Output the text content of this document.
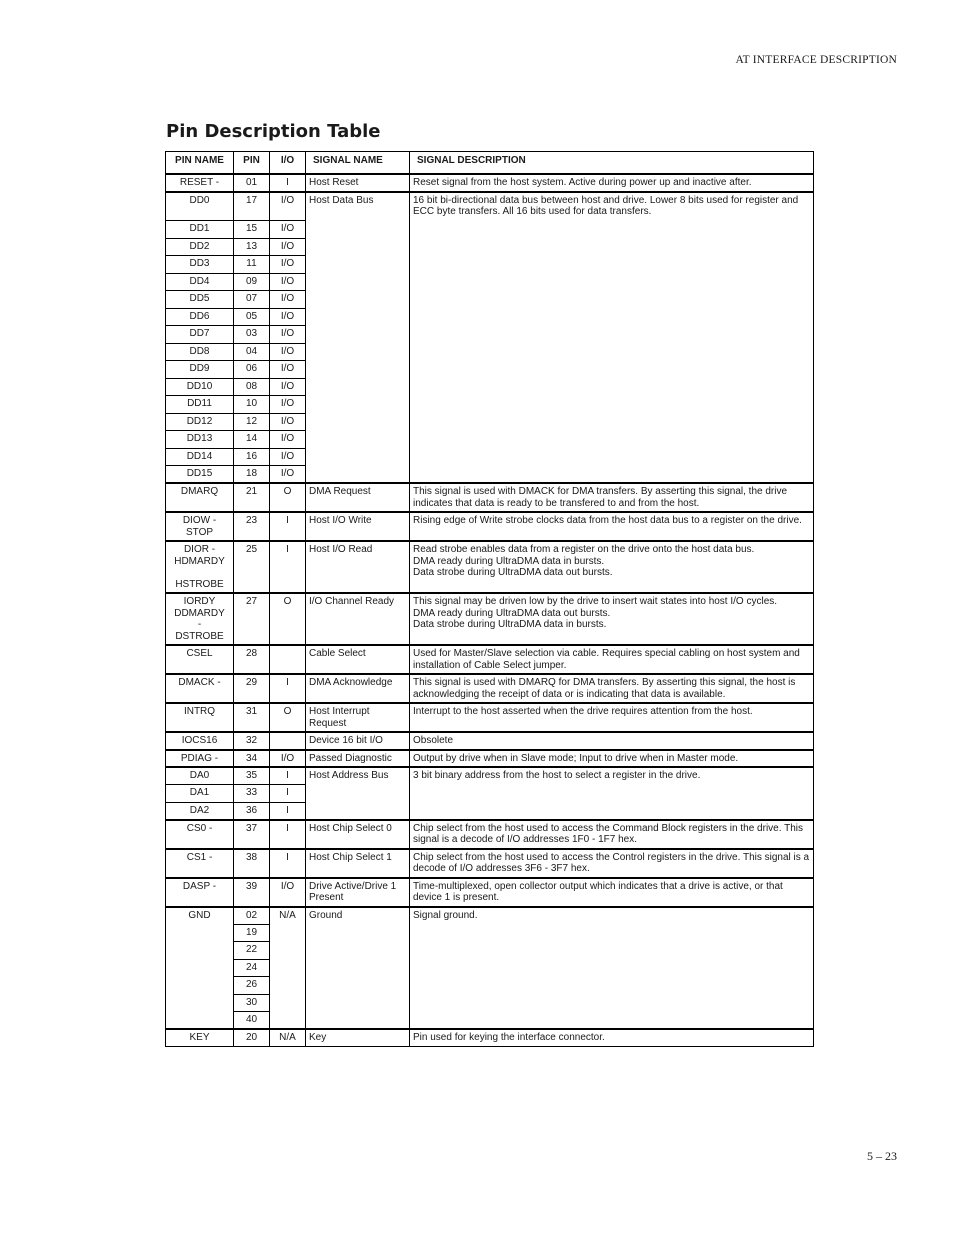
AT INTERFACE DESCRIPTION
Pin Description Table
PIN NAME	PIN	I/O	SIGNAL NAME	SIGNAL DESCRIPTION

RESET -	01	I	Host Reset	Reset signal from the host system. Active during power up and inactive after.

DD0	17	I/O	Host Data Bus	16 bit bi-directional data bus between host and drive. Lower 8 bits used for register and ECC byte transfers. All 16 bits used for data transfers.

DD1	15	I/O		

DD2	13	I/O		

DD3	11	I/O		

DD4	09	I/O		

DD5	07	I/O		

DD6	05	I/O		

DD7	03	I/O		

DD8	04	I/O		

DD9	06	I/O		

DD10	08	I/O		

DD11	10	I/O		

DD12	12	I/O		

DD13	14	I/O		

DD14	16	I/O		

DD15	18	I/O		

DMARQ	21	O	DMA Request	This signal is used with DMACK for DMA transfers. By asserting this signal, the drive indicates that data is ready to be transfered to and from the host.

DIOW -
STOP	23	I	Host I/O Write	Rising edge of Write strobe clocks data from the host data bus to a register on the drive.

DIOR -
HDMARDY
HSTROBE	25	I	Host I/O Read	Read strobe enables data from a register on the drive onto the host data bus.
DMA ready during UltraDMA data in bursts.
Data strobe during UltraDMA data out bursts.

IORDY
DDMARDY
-
DSTROBE	27	O	I/O Channel Ready	This signal may be driven low by the drive to insert wait states into host I/O cycles.
DMA ready during UltraDMA data out bursts.
Data strobe during UltraDMA data in bursts.

CSEL	28		Cable Select	Used for Master/Slave selection via cable. Requires special cabling on host system and installation of Cable Select jumper.

DMACK -	29	I	DMA Acknowledge	This signal is used with DMARQ for DMA transfers. By asserting this signal, the host is acknowledging the receipt of data or is indicating that data is available.

INTRQ	31	O	Host Interrupt Request	Interrupt to the host asserted when the drive requires attention from the host.

IOCS16	32		Device 16 bit I/O	Obsolete

PDIAG -	34	I/O	Passed Diagnostic	Output by drive when in Slave mode; Input to drive when in Master mode.

DA0	35	I	Host Address Bus	3 bit binary address from the host to select a register in the drive.

DA1	33	I		

DA2	36	I		

CS0 -	37	I	Host Chip Select 0	Chip select from the host used to access the Command Block registers in the drive. This signal is a decode of I/O addresses 1F0 - 1F7 hex.

CS1 -	38	I	Host Chip Select 1	Chip select from the host used to access the Control registers in the drive. This signal is a decode of I/O addresses 3F6 - 3F7 hex.

DASP -	39	I/O	Drive Active/Drive 1 Present	Time-multiplexed, open collector output which indicates that a drive is active, or that device 1 is present.

GND	02	N/A	Ground	Signal ground.

	19			
	22			
	24			
	26			
	30			
	40			

KEY	20	N/A	Key	Pin used for keying the interface connector.
5 – 23
